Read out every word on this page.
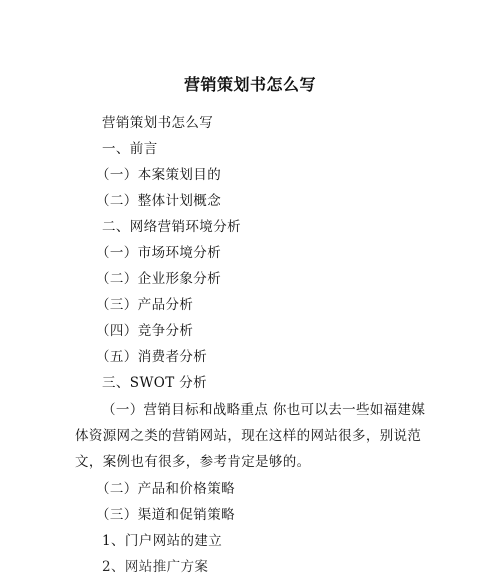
营销策划书怎么写
营销策划书怎么写
一、前言
（一）本案策划目的
（二）整体计划概念
二、网络营销环境分析
（一）市场环境分析
（二）企业形象分析
（三）产品分析
（四）竞争分析
（五）消费者分析
三、SWOT 分析
（一）营销目标和战略重点 你也可以去一些如福建媒体资源网之类的营销网站，现在这样的网站很多，别说范文，案例也有很多，参考肯定是够的。
（二）产品和价格策略
（三）渠道和促销策略
1、门户网站的建立
2、网站推广方案
